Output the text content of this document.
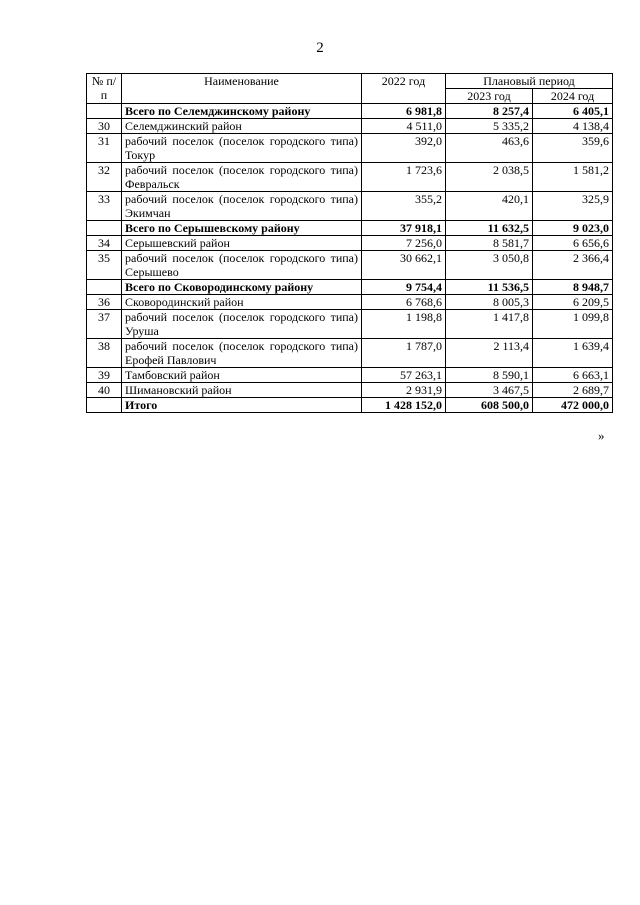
2
№ п/п	Наименование	2022 год	Плановый период	
			2023 год	2024 год
	Всего по Селемджинскому району	6 981,8	8 257,4	6 405,1
30	Селемджинский район	4 511,0	5 335,2	4 138,4
31	рабочий поселок (поселок городского типа) Токур	392,0	463,6	359,6
32	рабочий поселок (поселок городского типа) Февральск	1 723,6	2 038,5	1 581,2
33	рабочий поселок (поселок городского типа) Экимчан	355,2	420,1	325,9
	Всего по Серышевскому району	37 918,1	11 632,5	9 023,0
34	Серышевский район	7 256,0	8 581,7	6 656,6
35	рабочий поселок (поселок городского типа) Серышево	30 662,1	3 050,8	2 366,4
	Всего по Сковородинскому району	9 754,4	11 536,5	8 948,7
36	Сковородинский район	6 768,6	8 005,3	6 209,5
37	рабочий поселок (поселок городского типа) Уруша	1 198,8	1 417,8	1 099,8
38	рабочий поселок (поселок городского типа) Ерофей Павлович	1 787,0	2 113,4	1 639,4
39	Тамбовский район	57 263,1	8 590,1	6 663,1
40	Шимановский район	2 931,9	3 467,5	2 689,7
	Итого	1 428 152,0	608 500,0	472 000,0
»
